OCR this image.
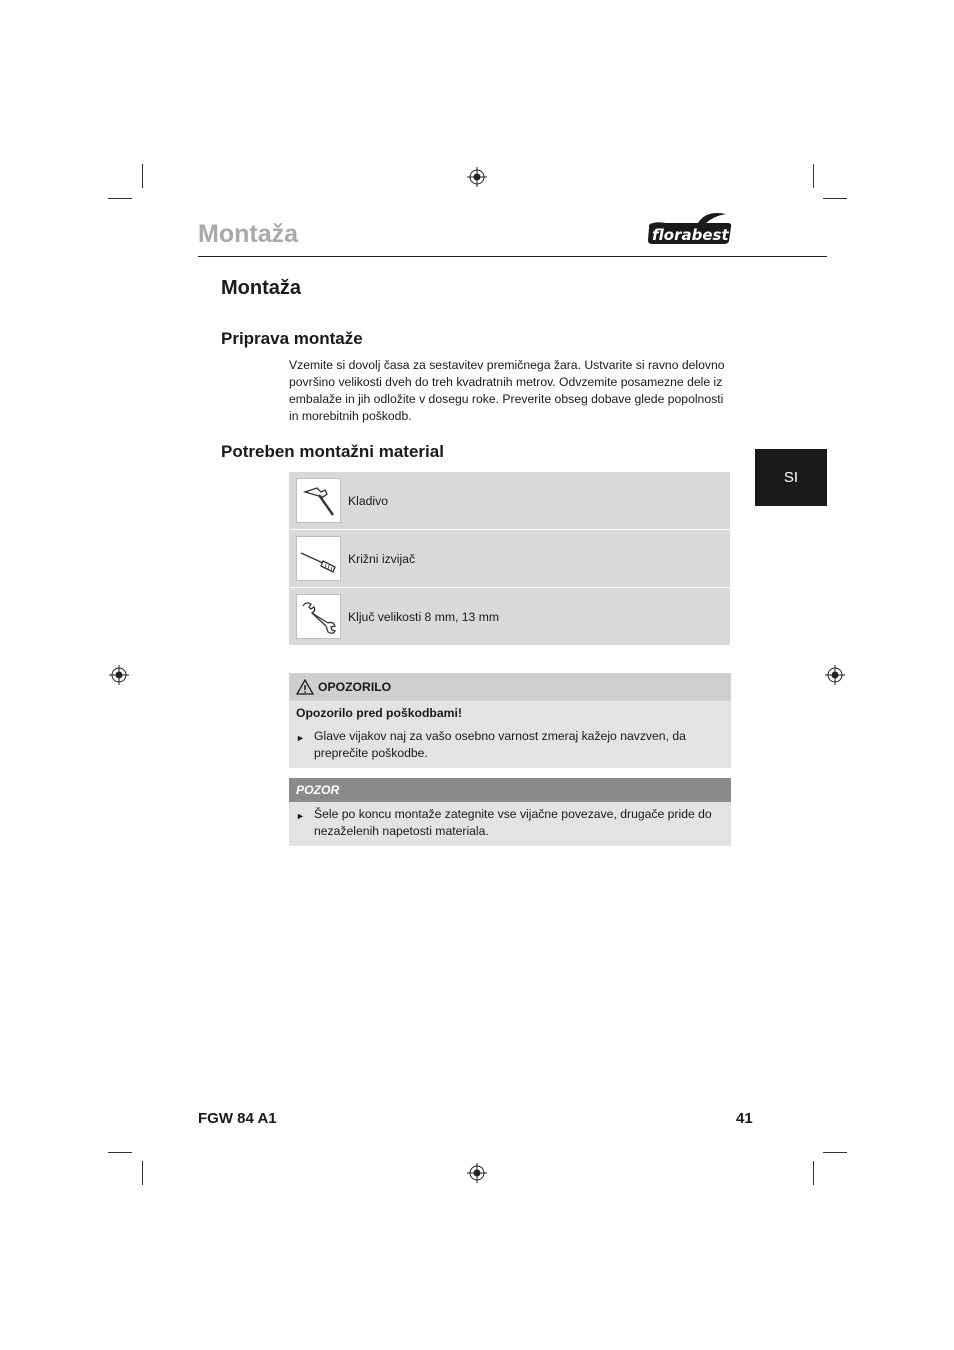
Montaža	florabest
SI
Montaža
Priprava montaže

Vzemite si dovolj časa za sestavitev premičnega žara. Ustvarite si ravno delovno površino velikosti dveh do treh kvadratnih metrov. Odvzemite posamezne dele iz embalaže in jih odložite v dosegu roke. Preverite obseg dobave glede popolnosti in morebitnih poškodb.

Potreben montažni material
Kladivo
Križni izvijač
Ključ velikosti 8 mm, 13 mm
OPOZORILO
Opozorilo pred poškodbami!
► Glave vijakov naj za vašo osebno varnost zmeraj kažejo navzven, da preprečite poškodbe.
POZOR
► Šele po koncu montaže zategnite vse vijačne povezave, drugače pride do nezaželenih napetosti materiala.
FGW 84 A1	41
